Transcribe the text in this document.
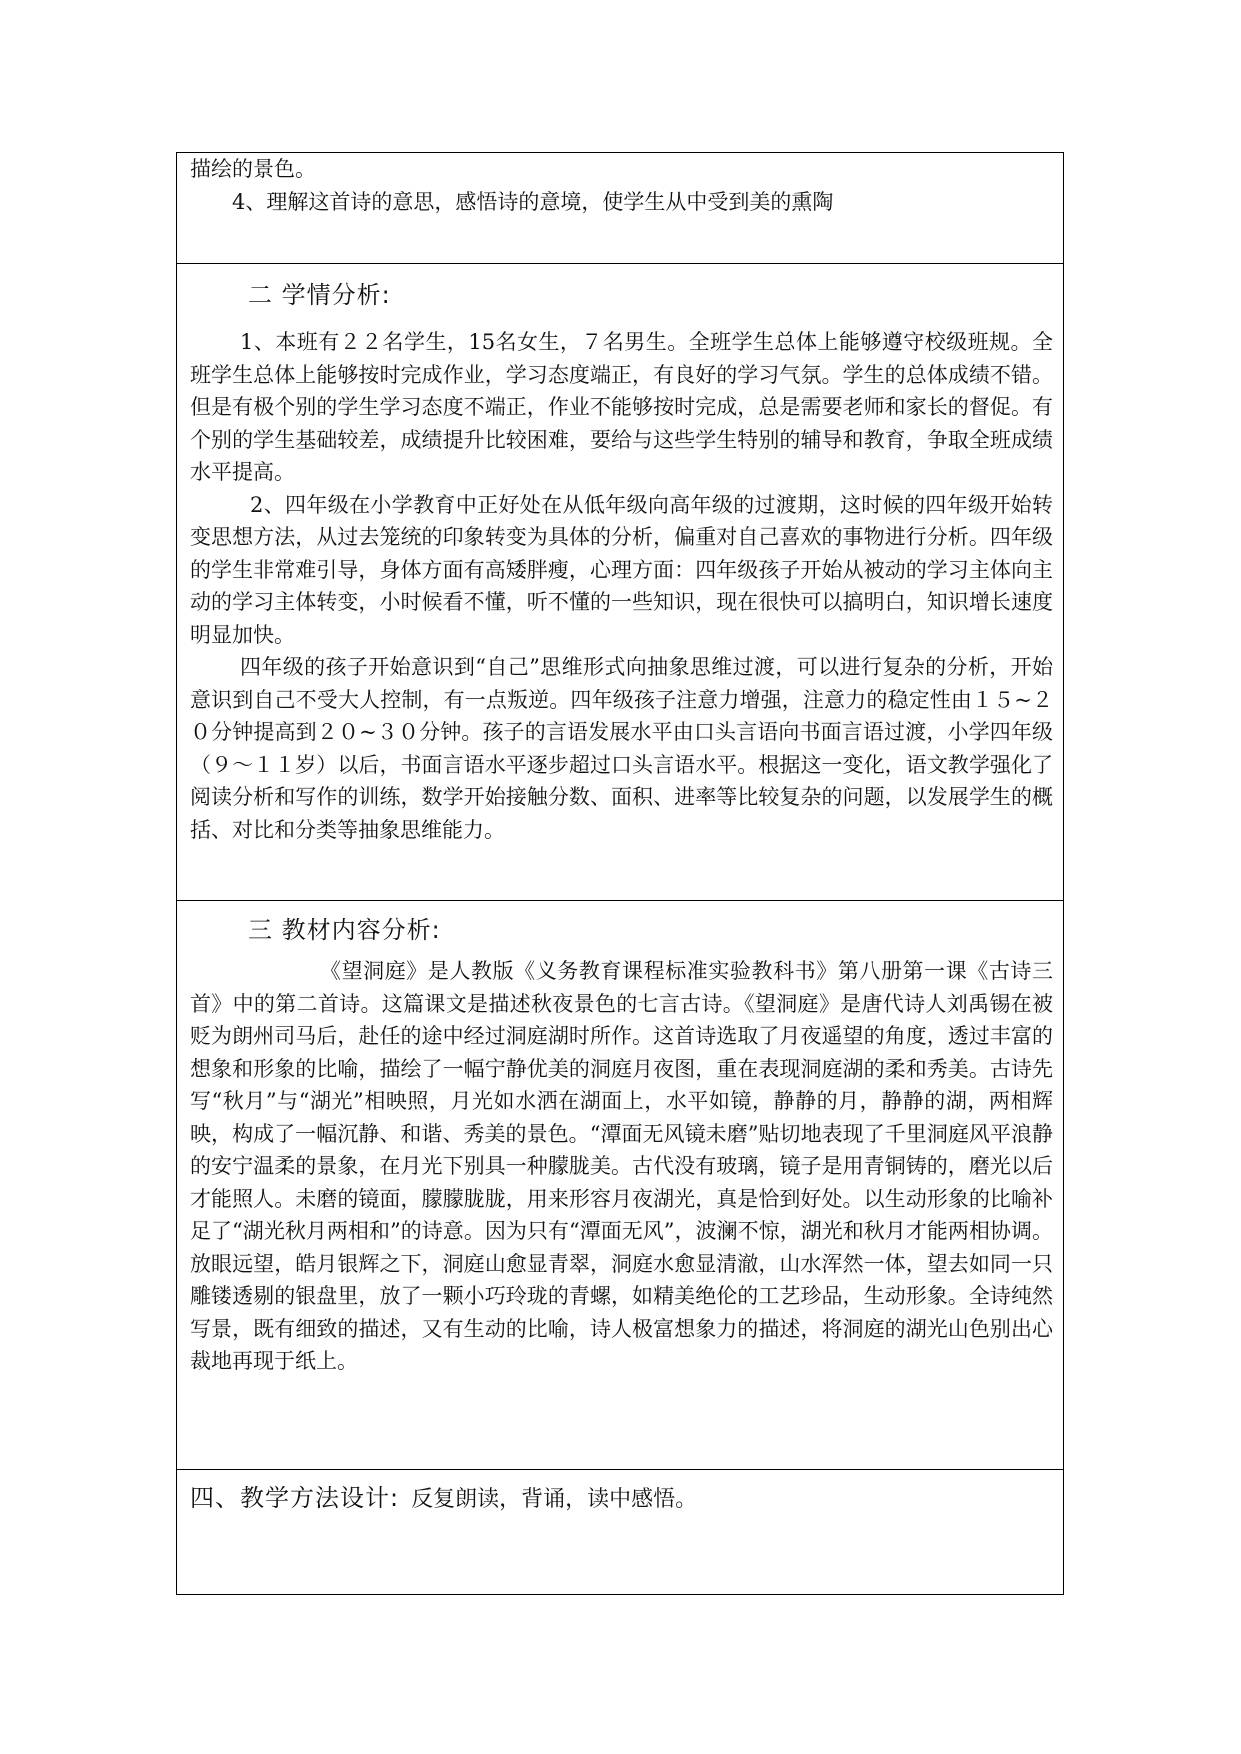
描绘的景色。

4、理解这首诗的意思，感悟诗的意境，使学生从中受到美的熏陶

二 学情分析:

1、本班有２２名学生，15名女生，７名男生。全班学生总体上能够遵守校级班规。全班学生总体上能够按时完成作业，学习态度端正，有良好的学习气氛。学生的总体成绩不错。但是有极个别的学生学习态度不端正，作业不能够按时完成，总是需要老师和家长的督促。有个别的学生基础较差，成绩提升比较困难，要给与这些学生特别的辅导和教育，争取全班成绩水平提高。

2、四年级在小学教育中正好处在从低年级向高年级的过渡期，这时候的四年级开始转变思想方法，从过去笼统的印象转变为具体的分析，偏重对自己喜欢的事物进行分析。四年级的学生非常难引导，身体方面有高矮胖瘦，心理方面：四年级孩子开始从被动的学习主体向主动的学习主体转变，小时候看不懂，听不懂的一些知识，现在很快可以搞明白，知识增长速度明显加快。

四年级的孩子开始意识到“自己”思维形式向抽象思维过渡，可以进行复杂的分析，开始意识到自己不受大人控制，有一点叛逆。四年级孩子注意力增强，注意力的稳定性由１５~２０分钟提高到２０~３０分钟。孩子的言语发展水平由口头言语向书面言语过渡，小学四年级（９～１１岁）以后，书面言语水平逐步超过口头言语水平。根据这一变化，语文教学强化了阅读分析和写作的训练，数学开始接触分数、面积、进率等比较复杂的问题，以发展学生的概括、对比和分类等抽象思维能力。

三 教材内容分析:

《望洞庭》是人教版《义务教育课程标准实验教科书》第八册第一课《古诗三首》中的第二首诗。这篇课文是描述秋夜景色的七言古诗。《望洞庭》是唐代诗人刘禹锡在被贬为朗州司马后，赴任的途中经过洞庭湖时所作。这首诗选取了月夜遥望的角度，透过丰富的想象和形象的比喻，描绘了一幅宁静优美的洞庭月夜图，重在表现洞庭湖的柔和秀美。古诗先写“秋月”与“湖光”相映照，月光如水洒在湖面上，水平如镜，静静的月，静静的湖，两相辉映，构成了一幅沉静、和谐、秀美的景色。“潭面无风镜未磨”贴切地表现了千里洞庭风平浪静的安宁温柔的景象，在月光下别具一种朦胧美。古代没有玻璃，镜子是用青铜铸的，磨光以后才能照人。未磨的镜面，朦朦胧胧，用来形容月夜湖光，真是恰到好处。以生动形象的比喻补足了“湖光秋月两相和”的诗意。因为只有“潭面无风”，波澜不惊，湖光和秋月才能两相协调。放眼远望，皓月银辉之下，洞庭山愈显青翠，洞庭水愈显清澈，山水浑然一体，望去如同一只雕镂透剔的银盘里，放了一颗小巧玲珑的青螺，如精美绝伦的工艺珍品，生动形象。全诗纯然写景，既有细致的描述，又有生动的比喻，诗人极富想象力的描述，将洞庭的湖光山色别出心裁地再现于纸上。

四、教学方法设计: 反复朗读，背诵，读中感悟。
